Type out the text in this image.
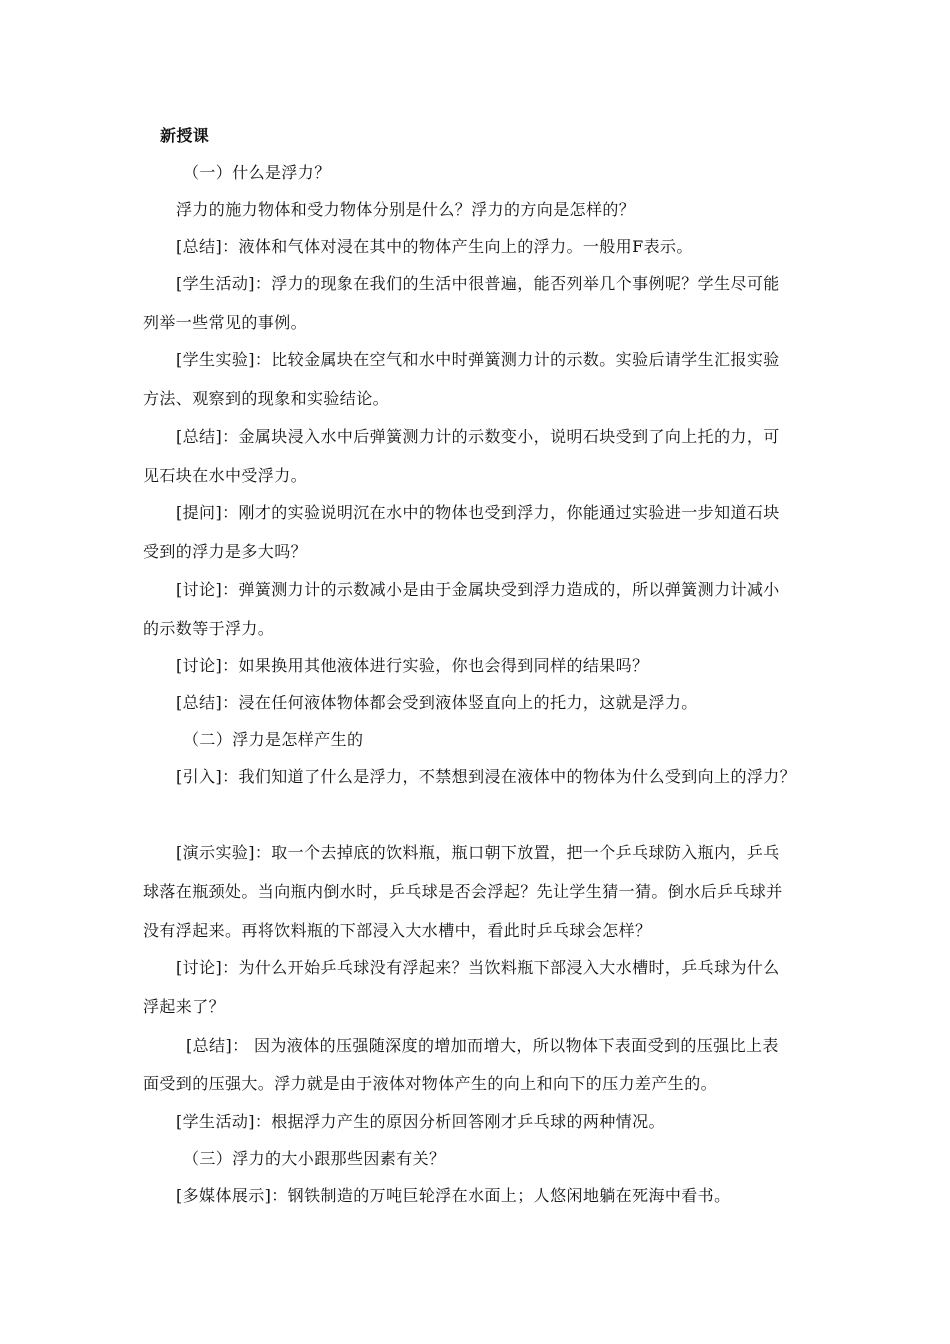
新授课
（一）什么是浮力？
浮力的施力物体和受力物体分别是什么？浮力的方向是怎样的？
[总结]：液体和气体对浸在其中的物体产生向上的浮力。一般用F表示。
[学生活动]：浮力的现象在我们的生活中很普遍，能否列举几个事例呢？学生尽可能
列举一些常见的事例。
[学生实验]：比较金属块在空气和水中时弹簧测力计的示数。实验后请学生汇报实验
方法、观察到的现象和实验结论。
[总结]：金属块浸入水中后弹簧测力计的示数变小，说明石块受到了向上托的力，可
见石块在水中受浮力。
[提问]：刚才的实验说明沉在水中的物体也受到浮力，你能通过实验进一步知道石块
受到的浮力是多大吗？
[讨论]：弹簧测力计的示数减小是由于金属块受到浮力造成的，所以弹簧测力计减小
的示数等于浮力。
[讨论]：如果换用其他液体进行实验，你也会得到同样的结果吗？
[总结]：浸在任何液体物体都会受到液体竖直向上的托力，这就是浮力。
（二）浮力是怎样产生的
[引入]：我们知道了什么是浮力，不禁想到浸在液体中的物体为什么受到向上的浮力？
[演示实验]：取一个去掉底的饮料瓶，瓶口朝下放置，把一个乒乓球防入瓶内，乒乓
球落在瓶颈处。当向瓶内倒水时，乒乓球是否会浮起？先让学生猜一猜。倒水后乒乓球并
没有浮起来。再将饮料瓶的下部浸入大水槽中，看此时乒乓球会怎样？
[讨论]：为什么开始乒乓球没有浮起来？当饮料瓶下部浸入大水槽时，乒乓球为什么
浮起来了？
[总结]： 因为液体的压强随深度的增加而增大，所以物体下表面受到的压强比上表
面受到的压强大。浮力就是由于液体对物体产生的向上和向下的压力差产生的。
[学生活动]：根据浮力产生的原因分析回答刚才乒乓球的两种情况。
（三）浮力的大小跟那些因素有关？
[多媒体展示]：钢铁制造的万吨巨轮浮在水面上；人悠闲地躺在死海中看书。
